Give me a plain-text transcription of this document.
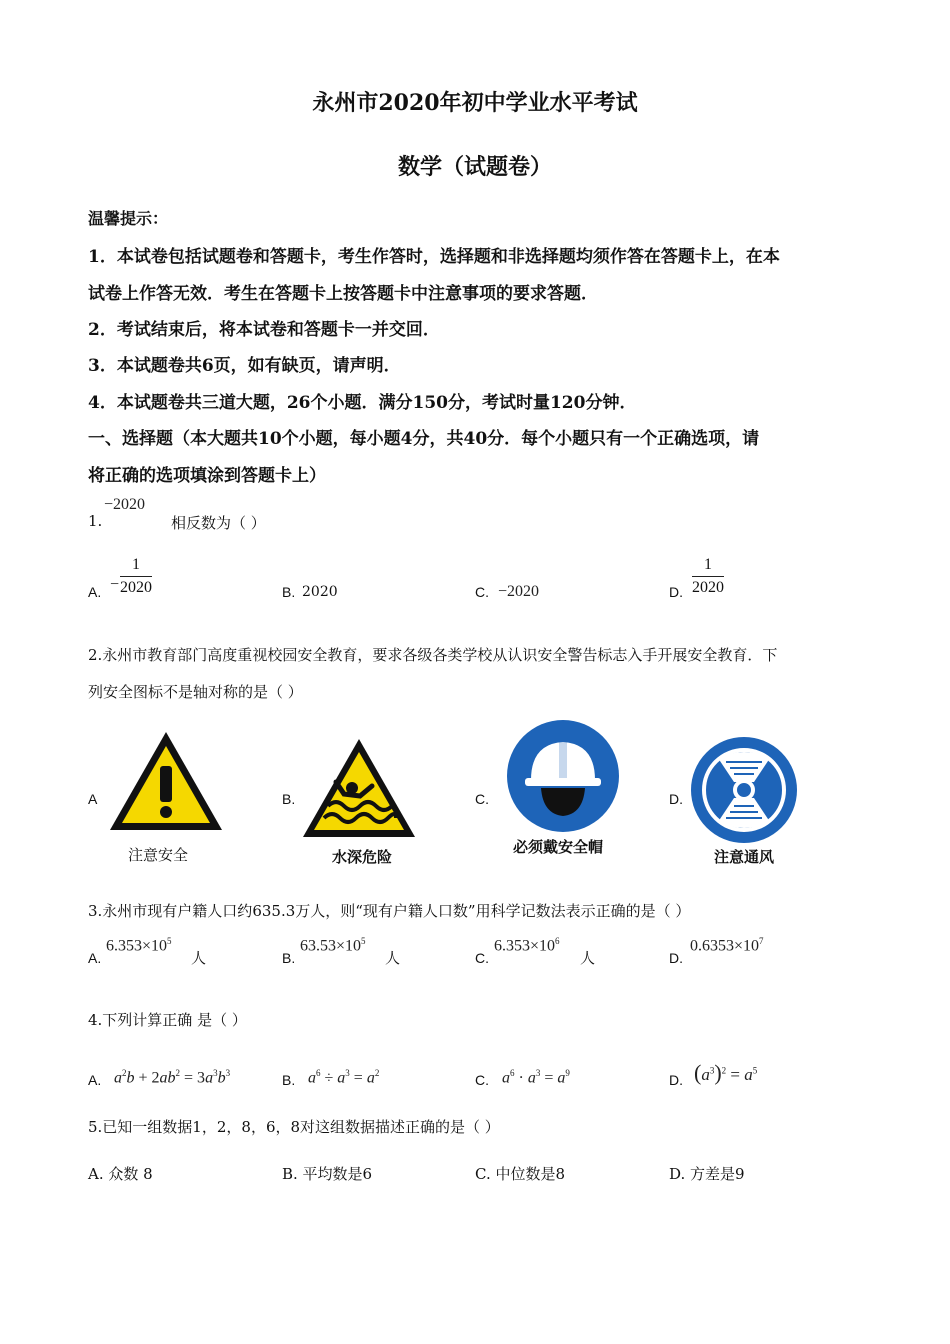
永州市2020年初中学业水平考试
数学（试题卷）
温馨提示：
1．本试卷包括试题卷和答题卡，考生作答时，选择题和非选择题均须作答在答题卡上，在本
试卷上作答无效．考生在答题卡上按答题卡中注意事项的要求答题．
2．考试结束后，将本试卷和答题卡一并交回．
3．本试题卷共6页，如有缺页，请声明．
4．本试题卷共三道大题，26个小题．满分150分，考试时量120分钟．
一、选择题（本大题共10个小题，每小题4分，共40分．每个小题只有一个正确选项，请
将正确的选项填涂到答题卡上）
1.
−2020
相反数为（ ）
A. − $\frac{1}{2020}$	B. 2020	C. −2020	D. $\frac{1}{2020}$
2.永州市教育部门高度重视校园安全教育，要求各级各类学校从认识安全警告标志入手开展安全教育．下
列安全图标不是轴对称的是（ ）
A
注意安全
B.
水深危险
C.
必须戴安全帽
D.
注意通风
3.永州市现有户籍人口约635.3万人，则“现有户籍人口数”用科学记数法表示正确的是（ ）
A.
$6.353\times 10^5$
人	B.
$63.53\times 10^5$
人	C.
$6.353\times 10^6$
人	D.
$0.6353\times 10^7$
4.下列计算正确 是（ ）
A. $a^2b + 2ab^2 = 3a^3b^3$	B. $a^6 \div a^3 = a^2$	C. $a^6 \cdot a^3 = a^9$	D. $(a^3)^2 = a^5$
5.已知一组数据1，2，8，6，8对这组数据描述正确的是（ ）
A. 众数 8	B. 平均数是6	C. 中位数是8	D. 方差是9
